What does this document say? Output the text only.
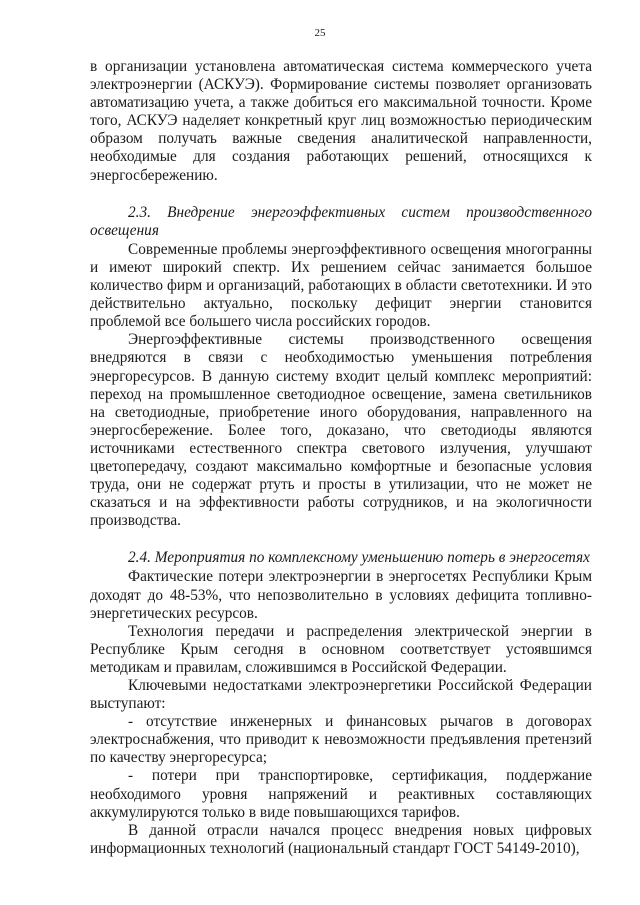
25

в организации установлена автоматическая система коммерческого учета электроэнергии (АСКУЭ). Формирование системы позволяет организовать автоматизацию учета, а также добиться его максимальной точности. Кроме того, АСКУЭ наделяет конкретный круг лиц возможностью периодическим образом получать важные сведения аналитической направленности, необходимые для создания работающих решений, относящихся к энергосбережению.

2.3. Внедрение энергоэффективных систем производственного освещения

Современные проблемы энергоэффективного освещения многогранны и имеют широкий спектр. Их решением сейчас занимается большое количество фирм и организаций, работающих в области светотехники. И это действительно актуально, поскольку дефицит энергии становится проблемой все большего числа российских городов.

Энергоэффективные системы производственного освещения внедряются в связи с необходимостью уменьшения потребления энергоресурсов. В данную систему входит целый комплекс мероприятий: переход на промышленное светодиодное освещение, замена светильников на светодиодные, приобретение иного оборудования, направленного на энергосбережение. Более того, доказано, что светодиоды являются источниками естественного спектра светового излучения, улучшают цветопередачу, создают максимально комфортные и безопасные условия труда, они не содержат ртуть и просты в утилизации, что не может не сказаться и на эффективности работы сотрудников, и на экологичности производства.

2.4. Мероприятия по комплексному уменьшению потерь в энергосетях

Фактические потери электроэнергии в энергосетях Республики Крым доходят до 48-53%, что непозволительно в условиях дефицита топливно-энергетических ресурсов.

Технология передачи и распределения электрической энергии в Республике Крым сегодня в основном соответствует устоявшимся методикам и правилам, сложившимся в Российской Федерации.

Ключевыми недостатками электроэнергетики Российской Федерации выступают:

- отсутствие инженерных и финансовых рычагов в договорах электроснабжения, что приводит к невозможности предъявления претензий по качеству энергоресурса;

- потери при транспортировке, сертификация, поддержание необходимого уровня напряжений и реактивных составляющих аккумулируются только в виде повышающихся тарифов.

В данной отрасли начался процесс внедрения новых цифровых информационных технологий (национальный стандарт ГОСТ 54149-2010),
